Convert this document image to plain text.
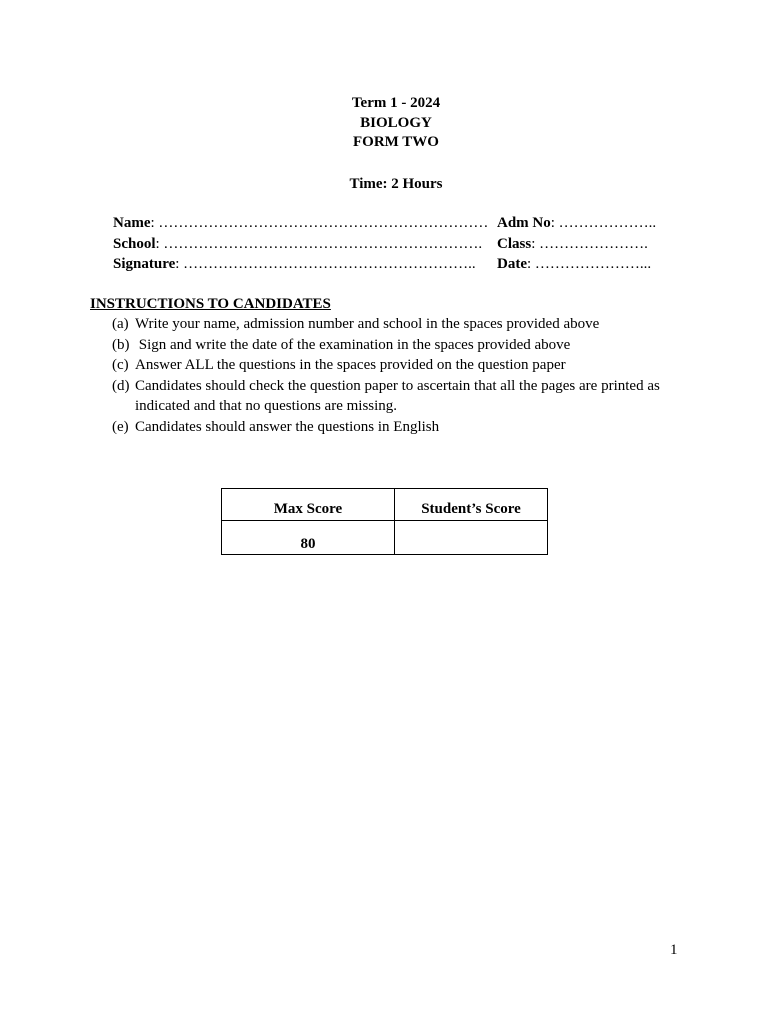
Term 1 - 2024
BIOLOGY
FORM TWO
Time: 2 Hours
Name: ………………………………………………………… Adm No: ………………..
School: ………………………………………………………. Class: ………………….
Signature: ………………………………………………….. Date: …………………...
INSTRUCTIONS TO CANDIDATES
(a) Write your name, admission number and school in the spaces provided above
(b) Sign and write the date of the examination in the spaces provided above
(c) Answer ALL the questions in the spaces provided on the question paper
(d) Candidates should check the question paper to ascertain that all the pages are printed as indicated and that no questions are missing.
(e) Candidates should answer the questions in English
Max Score	Student’s Score
80	
1
